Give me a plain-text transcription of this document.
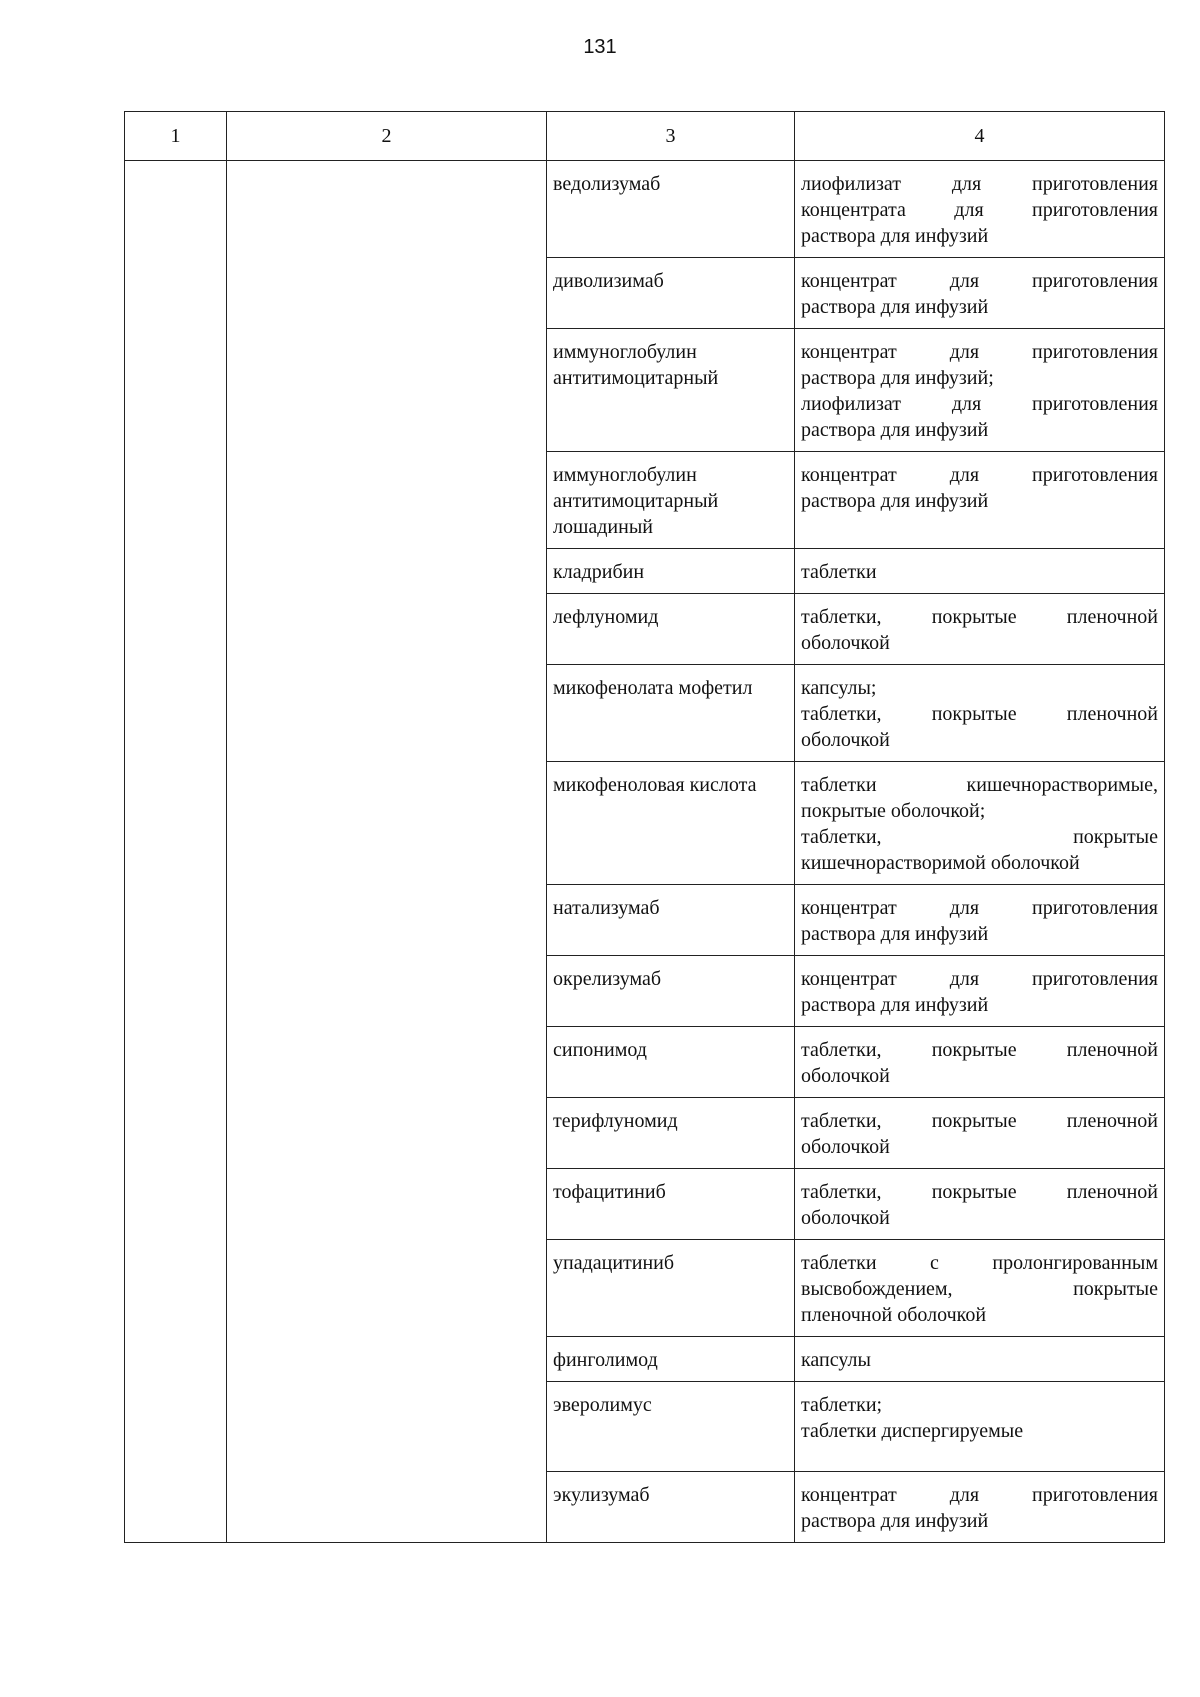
131
1	2	3	4

		ведолизумаб	лиофилизат для приготовления
концентрата для приготовления
раствора для инфузий

		диволизимаб	концентрат для приготовления
раствора для инфузий

		иммуноглобулин
антитимоцитарный	концентрат для приготовления
раствора для инфузий;
лиофилизат для приготовления
раствора для инфузий

		иммуноглобулин
антитимоцитарный
лошадиный	концентрат для приготовления
раствора для инфузий

		кладрибин	таблетки

		лефлуномид	таблетки, покрытые пленочной
оболочкой

		микофенолата мофетил	капсулы;
таблетки, покрытые пленочной
оболочкой

		микофеноловая кислота	таблетки кишечнорастворимые,
покрытые оболочкой;
таблетки, покрытые
кишечнорастворимой оболочкой

		натализумаб	концентрат для приготовления
раствора для инфузий

		окрелизумаб	концентрат для приготовления
раствора для инфузий

		сипонимод	таблетки, покрытые пленочной
оболочкой

		терифлуномид	таблетки, покрытые пленочной
оболочкой

		тофацитиниб	таблетки, покрытые пленочной
оболочкой

		упадацитиниб	таблетки с пролонгированным
высвобождением, покрытые
пленочной оболочкой

		финголимод	капсулы

		эверолимус	таблетки;
таблетки диспергируемые

		экулизумаб	концентрат для приготовления
раствора для инфузий
